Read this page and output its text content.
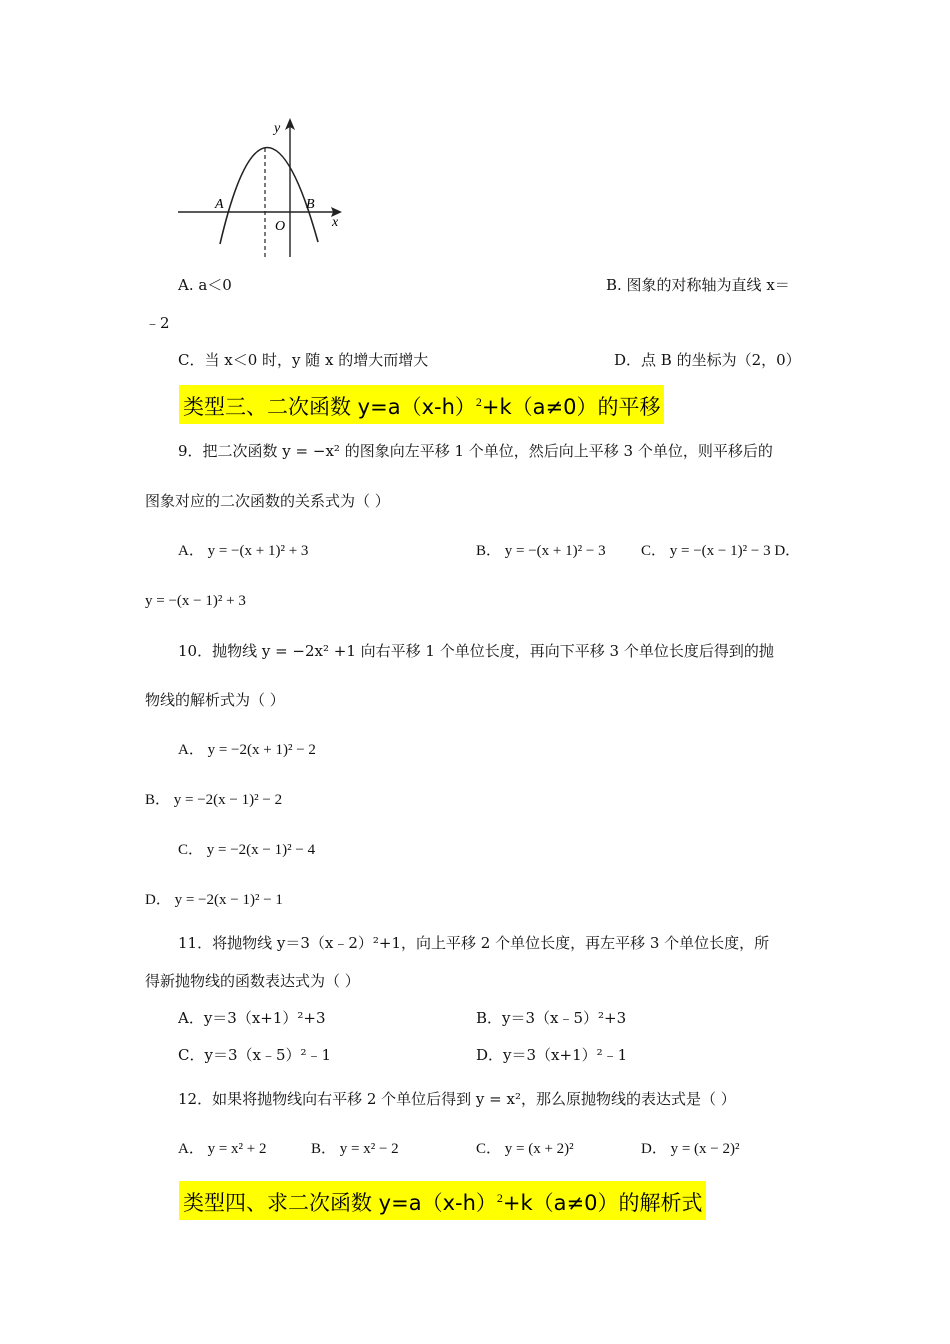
y
x
A	B
O
A. a＜0	B. 图象的对称轴为直线 x＝
﹣2
C．当 x＜0 时，y 随 x 的增大而增大	D．点 B 的坐标为（2，0）
类型三、二次函数 $y=a(x-h)^2+k(a\ne 0)$的平移
9．把二次函数 y = −x² 的图象向左平移 1 个单位，然后向上平移 3 个单位，则平移后的
图象对应的二次函数的关系式为（ ）
A． y = −(x + 1)² + 3	B． y = −(x + 1)² − 3 C． y = −(x − 1)² − 3 D．
y = −(x − 1)² + 3
10．抛物线 y = −2x² +1 向右平移 1 个单位长度，再向下平移 3 个单位长度后得到的抛
物线的解析式为（ ）
A． y = −2(x + 1)² − 2
B． y = −2(x − 1)² − 2
C． y = −2(x − 1)² − 4
D． y = −2(x − 1)² − 1
11．将抛物线 y＝3（x﹣2）²+1，向上平移 2 个单位长度，再左平移 3 个单位长度，所
得新抛物线的函数表达式为（ ）
A．y＝3（x+1）²+3	B．y＝3（x﹣5）²+3
C．y＝3（x﹣5）²﹣1	D．y＝3（x+1）²﹣1
12．如果将抛物线向右平移 2 个单位后得到 y = x²，那么原抛物线的表达式是（ ）
A． y = x² + 2	B． y = x² − 2	C． y = (x + 2)²	D． y = (x − 2)²
类型四、求二次函数 $y=a(x-h)^2+k(a\ne 0)$的解析式
